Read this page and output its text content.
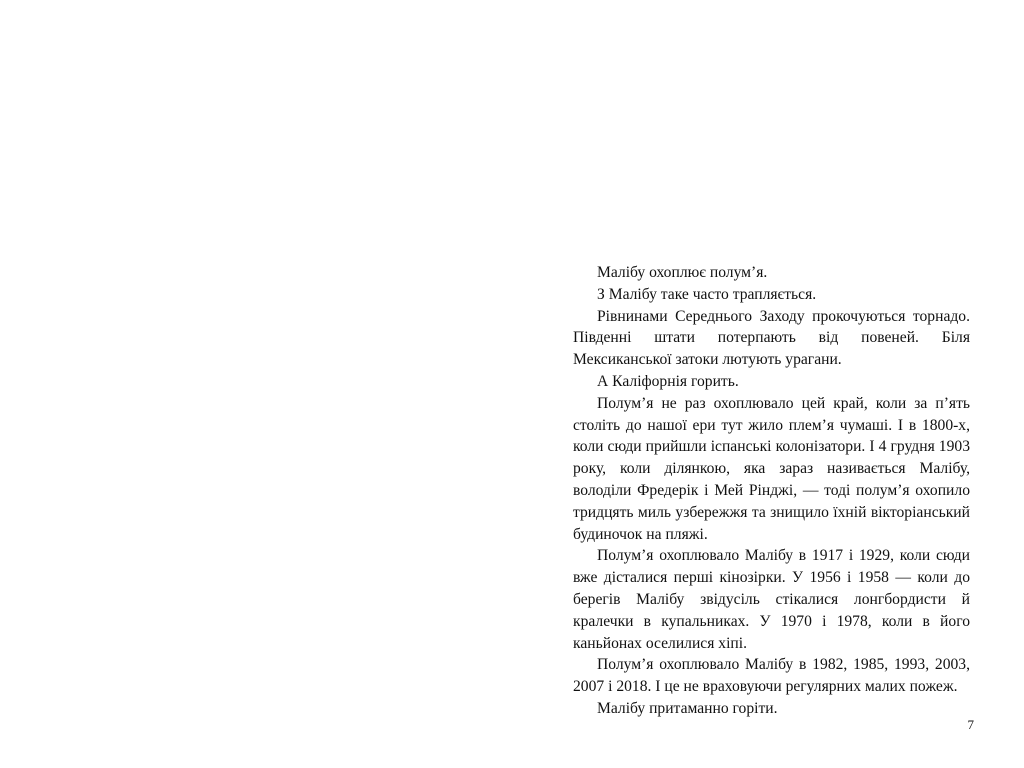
Малібу охоплює полум’я.

З Малібу таке часто трапляється.

Рівнинами Середнього Заходу прокочуються торнадо. Південні штати потерпають від повеней. Біля Мексиканської затоки лютують урагани.

А Каліфорнія горить.

Полум’я не раз охоплювало цей край, коли за п’ять століть до нашої ери тут жило плем’я чумаші. І в 1800-х, коли сюди прийшли іспанські колонізатори. І 4 грудня 1903 року, коли ділянкою, яка зараз називається Малібу, володіли Фредерік і Мей Рінджі, — тоді полум’я охопило тридцять миль узбережжя та знищило їхній вікторіанський будиночок на пляжі.

Полум’я охоплювало Малібу в 1917 і 1929, коли сюди вже дісталися перші кінозірки. У 1956 і 1958 — коли до берегів Малібу звідусіль стікалися лонгбордисти й кралечки в купальниках. У 1970 і 1978, коли в його каньйонах оселилися хіпі.

Полум’я охоплювало Малібу в 1982, 1985, 1993, 2003, 2007 і 2018. І це не враховуючи регулярних малих пожеж.

Малібу притаманно горіти.

7
